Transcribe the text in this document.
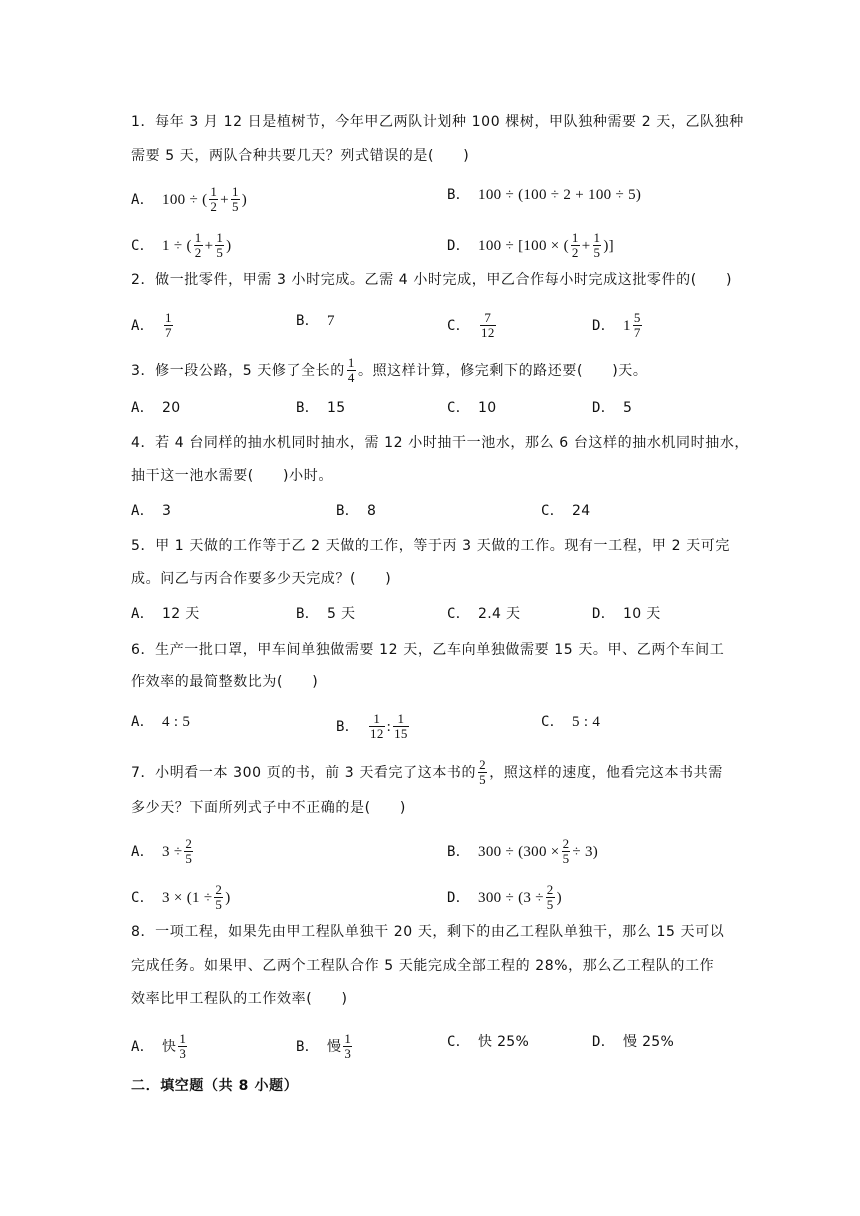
1．每年 3 月 12 日是植树节，今年甲乙两队计划种 100 棵树，甲队独种需要 2 天，乙队独种
需要 5 天，两队合种共要几天？列式错误的是(　　)
A． 100 ÷ ( $\frac{1}{2} + \frac{1}{5}$ )	B． 100 ÷ (100 ÷ 2 + 100 ÷ 5)
C． 1 ÷ ( $\frac{1}{2} + \frac{1}{5}$ )	D． 100 ÷ [100 × ( $\frac{1}{2} + \frac{1}{5}$ )]
2．做一批零件，甲需 3 小时完成。乙需 4 小时完成，甲乙合作每小时完成这批零件的(　　)
A． $\frac{1}{7}$	B． 7	C． $\frac{7}{12}$	D． $1 \frac{5}{7}$
3．修一段公路，5 天修了全长的 $\frac{1}{4}$ 。照这样计算，修完剩下的路还要(　　)天。
A． 20	B． 15	C． 10	D． 5
4．若 4 台同样的抽水机同时抽水，需 12 小时抽干一池水，那么 6 台这样的抽水机同时抽水，
抽干这一池水需要(　　)小时。
A． 3	B． 8	C． 24
5．甲 1 天做的工作等于乙 2 天做的工作，等于丙 3 天做的工作。现有一工程，甲 2 天可完
成。问乙与丙合作要多少天完成？(　　)
A． 12 天	B． 5 天	C． 2.4 天	D． 10 天
6．生产一批口罩，甲车间单独做需要 12 天，乙车向单独做需要 15 天。甲、乙两个车间工
作效率的最简整数比为(　　)
A． 4 : 5	B． $\frac{1}{12}$ : $\frac{1}{15}$	C． 5 : 4
7．小明看一本 300 页的书，前 3 天看完了这本书的 $\frac{2}{5}$ ，照这样的速度，他看完这本书共需
多少天？下面所列式子中不正确的是(　　)
A． $3 \div \frac{2}{5}$	B． $300 \div (300 \times \frac{2}{5} \div 3)$
C． $3 \times (1 \div \frac{2}{5}$ )	D． $300 \div (3 \div \frac{2}{5}$ )
8．一项工程，如果先由甲工程队单独干 20 天，剩下的由乙工程队单独干，那么 15 天可以
完成任务。如果甲、乙两个工程队合作 5 天能完成全部工程的 28%，那么乙工程队的工作
效率比甲工程队的工作效率(　　)
A． 快 $\frac{1}{3}$	B． 慢 $\frac{1}{3}$	C． 快 25%	D． 慢 25%
二．填空题（共 8 小题）
